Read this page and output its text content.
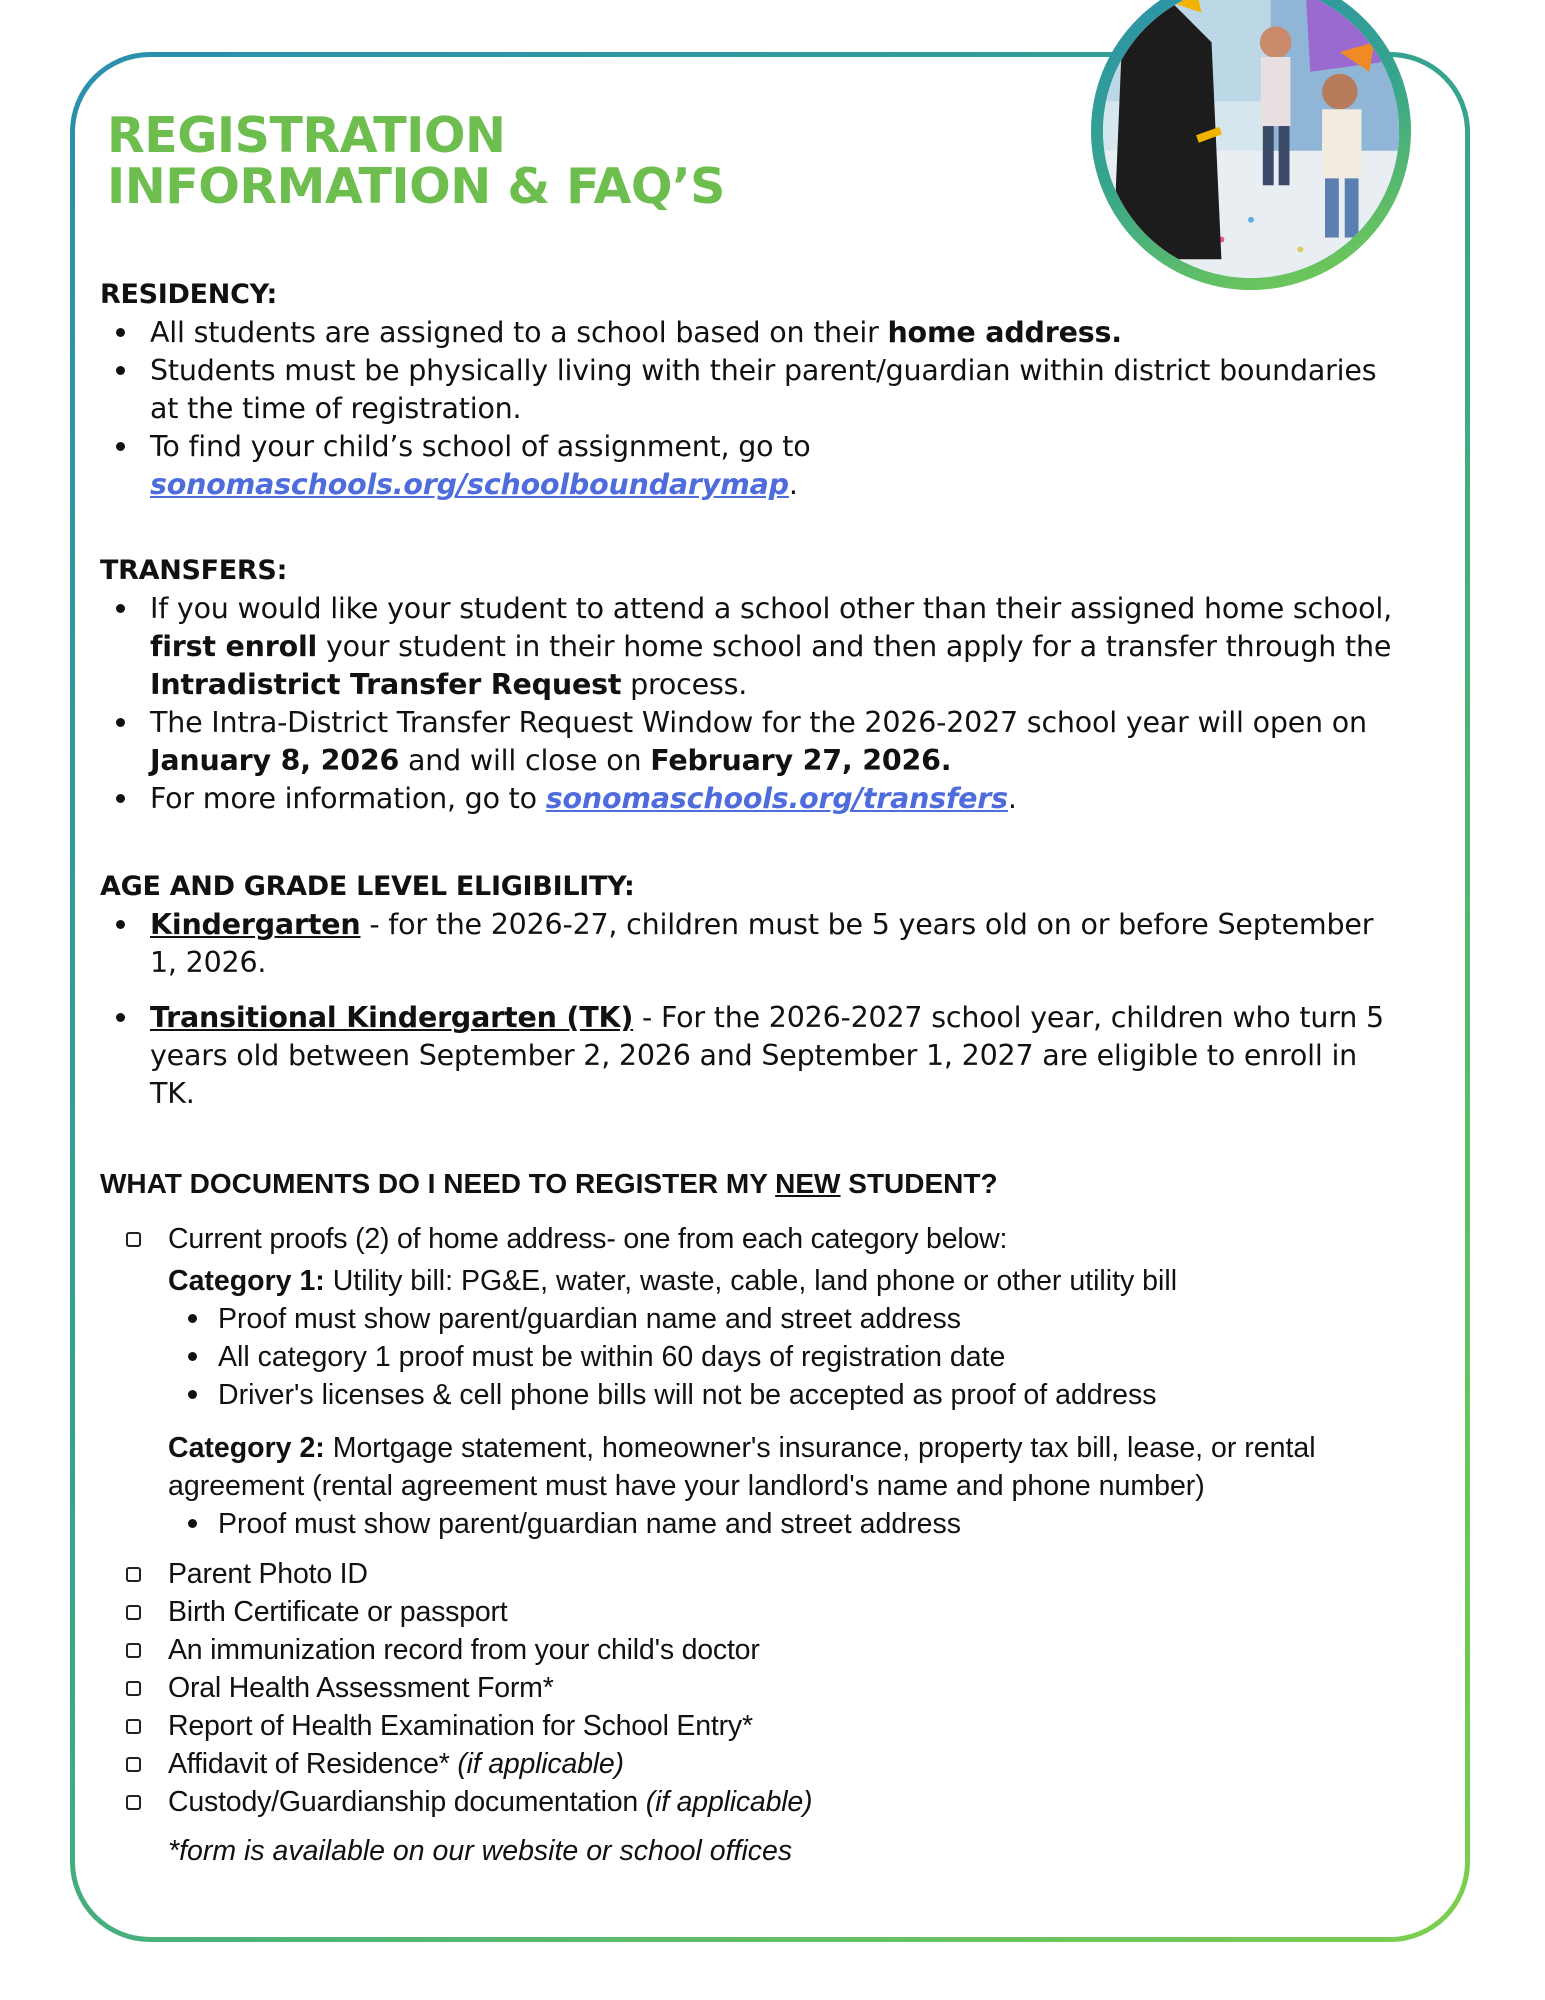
REGISTRATION
INFORMATION & FAQ’S
RESIDENCY:
All students are assigned to a school based on their home address.
Students must be physically living with their parent/guardian within district boundaries at the time of registration.
To find your child’s school of assignment, go to sonomaschools.org/schoolboundarymap.
TRANSFERS:
If you would like your student to attend a school other than their assigned home school, first enroll your student in their home school and then apply for a transfer through the Intradistrict Transfer Request process.
The Intra-District Transfer Request Window for the 2026-2027 school year will open on January 8, 2026 and will close on February 27, 2026.
For more information, go to sonomaschools.org/transfers.
AGE AND GRADE LEVEL ELIGIBILITY:
Kindergarten - for the 2026-27, children must be 5 years old on or before September 1, 2026.
Transitional Kindergarten (TK) - For the 2026-2027 school year, children who turn 5 years old between September 2, 2026 and September 1, 2027 are eligible to enroll in TK.
WHAT DOCUMENTS DO I NEED TO REGISTER MY NEW STUDENT?
Current proofs (2) of home address- one from each category below:
Category 1: Utility bill: PG&E, water, waste, cable, land phone or other utility bill
Proof must show parent/guardian name and street address
All category 1 proof must be within 60 days of registration date
Driver's licenses & cell phone bills will not be accepted as proof of address
Category 2: Mortgage statement, homeowner's insurance, property tax bill, lease, or rental agreement (rental agreement must have your landlord's name and phone number)
Proof must show parent/guardian name and street address
Parent Photo ID
Birth Certificate or passport
An immunization record from your child's doctor
Oral Health Assessment Form*
Report of Health Examination for School Entry*
Affidavit of Residence* (if applicable)
Custody/Guardianship documentation (if applicable)
*form is available on our website or school offices
